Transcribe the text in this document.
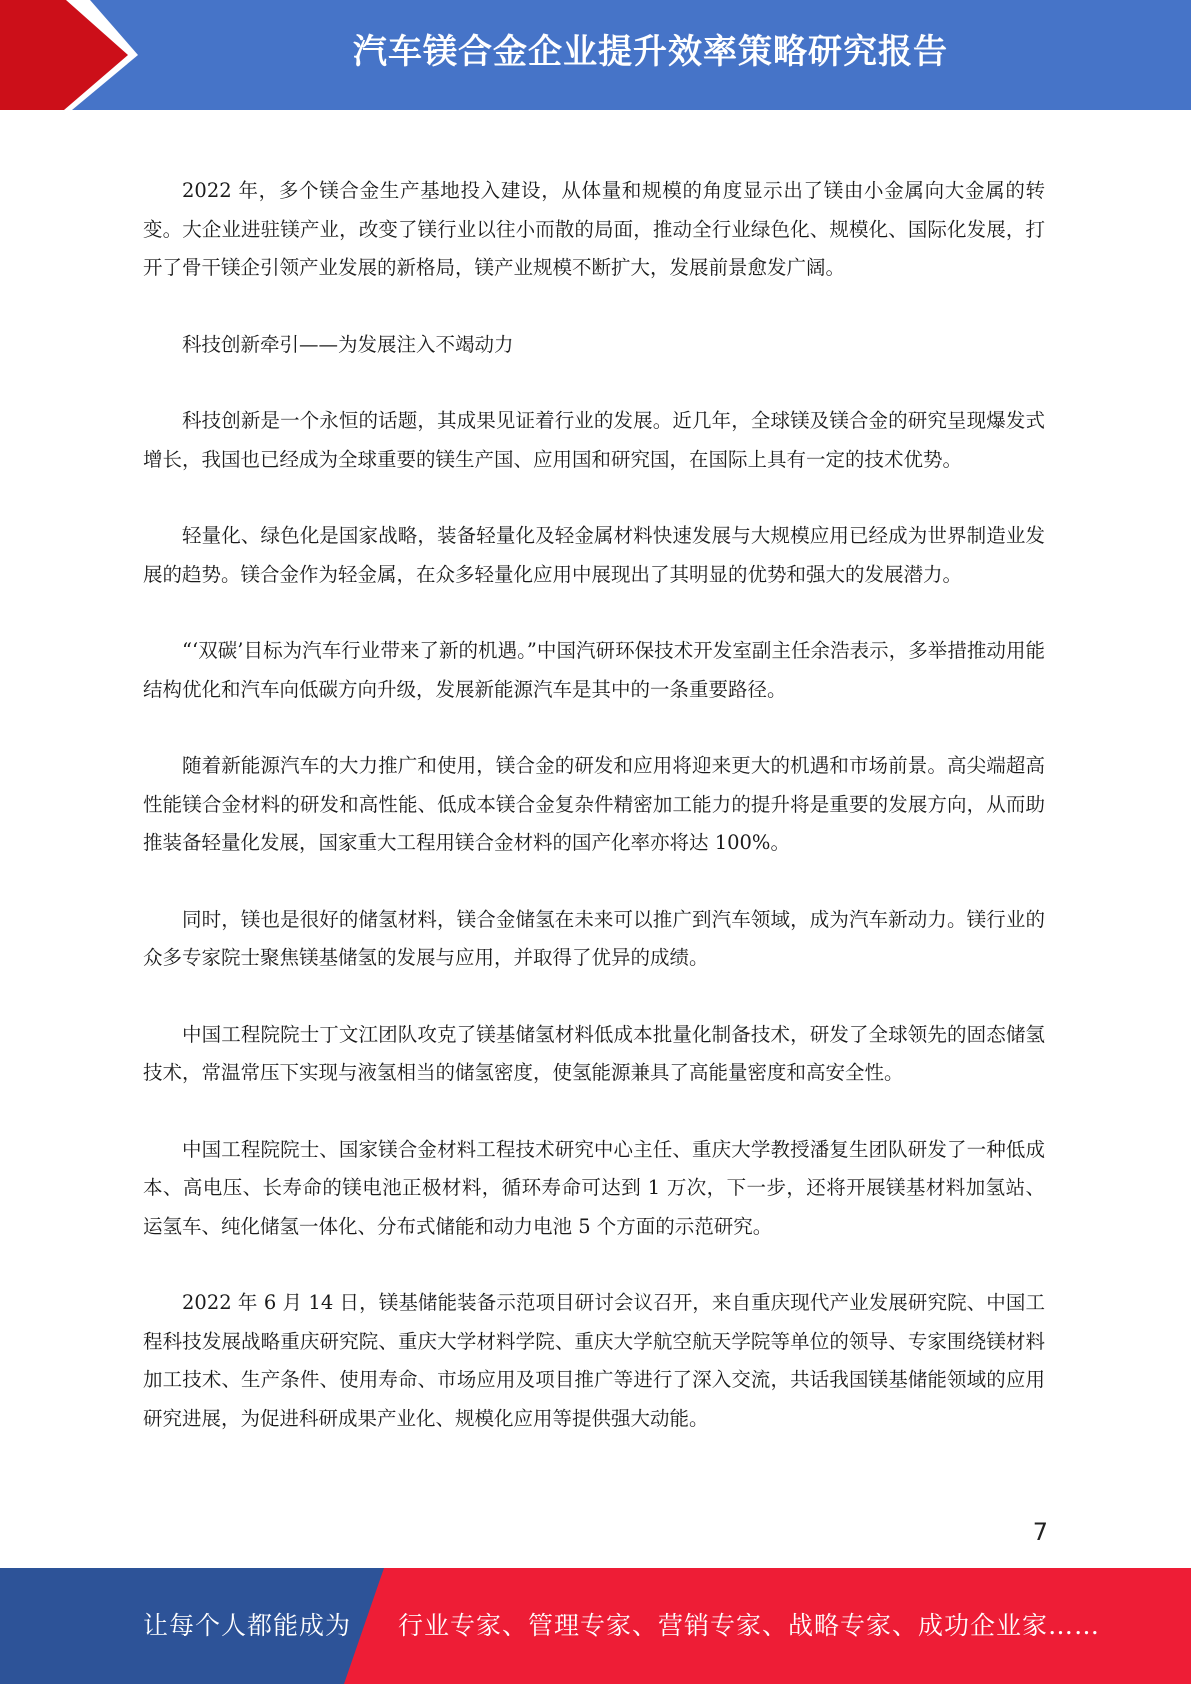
汽车镁合金企业提升效率策略研究报告

2022 年，多个镁合金生产基地投入建设，从体量和规模的角度显示出了镁由小金属向大金属的转变。大企业进驻镁产业，改变了镁行业以往小而散的局面，推动全行业绿色化、规模化、国际化发展，打开了骨干镁企引领产业发展的新格局，镁产业规模不断扩大，发展前景愈发广阔。

科技创新牵引——为发展注入不竭动力

科技创新是一个永恒的话题，其成果见证着行业的发展。近几年，全球镁及镁合金的研究呈现爆发式增长，我国也已经成为全球重要的镁生产国、应用国和研究国，在国际上具有一定的技术优势。

轻量化、绿色化是国家战略，装备轻量化及轻金属材料快速发展与大规模应用已经成为世界制造业发展的趋势。镁合金作为轻金属，在众多轻量化应用中展现出了其明显的优势和强大的发展潜力。

“‘双碳’目标为汽车行业带来了新的机遇。”中国汽研环保技术开发室副主任余浩表示，多举措推动用能结构优化和汽车向低碳方向升级，发展新能源汽车是其中的一条重要路径。

随着新能源汽车的大力推广和使用，镁合金的研发和应用将迎来更大的机遇和市场前景。高尖端超高性能镁合金材料的研发和高性能、低成本镁合金复杂件精密加工能力的提升将是重要的发展方向，从而助推装备轻量化发展，国家重大工程用镁合金材料的国产化率亦将达 100%。

同时，镁也是很好的储氢材料，镁合金储氢在未来可以推广到汽车领域，成为汽车新动力。镁行业的众多专家院士聚焦镁基储氢的发展与应用，并取得了优异的成绩。

中国工程院院士丁文江团队攻克了镁基储氢材料低成本批量化制备技术，研发了全球领先的固态储氢技术，常温常压下实现与液氢相当的储氢密度，使氢能源兼具了高能量密度和高安全性。

中国工程院院士、国家镁合金材料工程技术研究中心主任、重庆大学教授潘复生团队研发了一种低成本、高电压、长寿命的镁电池正极材料，循环寿命可达到 1 万次，下一步，还将开展镁基材料加氢站、运氢车、纯化储氢一体化、分布式储能和动力电池 5 个方面的示范研究。

2022 年 6 月 14 日，镁基储能装备示范项目研讨会议召开，来自重庆现代产业发展研究院、中国工程科技发展战略重庆研究院、重庆大学材料学院、重庆大学航空航天学院等单位的领导、专家围绕镁材料加工技术、生产条件、使用寿命、市场应用及项目推广等进行了深入交流，共话我国镁基储能领域的应用研究进展，为促进科研成果产业化、规模化应用等提供强大动能。

7
让每个人都能成为 行业专家、管理专家、营销专家、战略专家、成功企业家……
